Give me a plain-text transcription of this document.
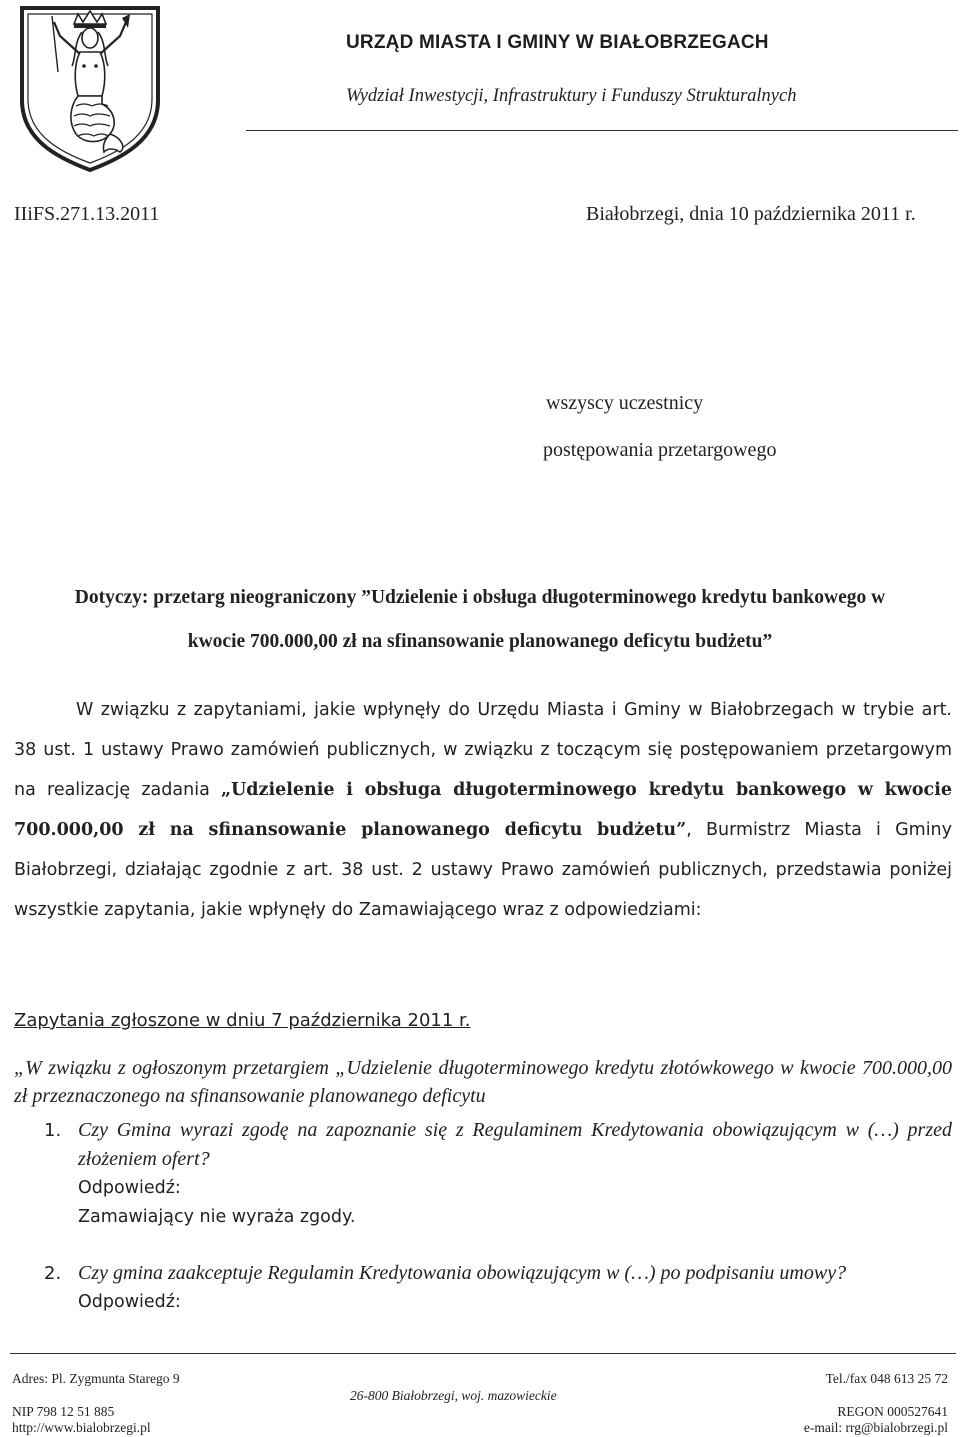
URZĄD MIASTA I GMINY W BIAŁOBRZEGACH
Wydział Inwestycji, Infrastruktury i Funduszy Strukturalnych
IIiFS.271.13.2011	Białobrzegi, dnia 10 października 2011 r.
wszyscy uczestnicy
postępowania przetargowego
Dotyczy: przetarg nieograniczony ”Udzielenie i obsługa długoterminowego kredytu bankowego w
kwocie 700.000,00 zł na sfinansowanie planowanego deficytu budżetu”
W związku z zapytaniami, jakie wpłynęły do Urzędu Miasta i Gminy w Białobrzegach w trybie art. 38 ust. 1 ustawy Prawo zamówień publicznych, w związku z toczącym się postępowaniem przetargowym na realizację zadania „Udzielenie i obsługa długoterminowego kredytu bankowego w kwocie 700.000,00 zł na sfinansowanie planowanego deficytu budżetu”, Burmistrz Miasta i Gminy Białobrzegi, działając zgodnie z art. 38 ust. 2 ustawy Prawo zamówień publicznych, przedstawia poniżej wszystkie zapytania, jakie wpłynęły do Zamawiającego wraz z odpowiedziami:
Zapytania zgłoszone w dniu 7 października 2011 r.
„W związku z ogłoszonym przetargiem „Udzielenie długoterminowego kredytu złotówkowego w kwocie 700.000,00 zł przeznaczonego na sfinansowanie planowanego deficytu
1. Czy Gmina wyrazi zgodę na zapoznanie się z Regulaminem Kredytowania obowiązującym w (…) przed złożeniem ofert?
Odpowiedź:
Zamawiający nie wyraża zgody.
2. Czy gmina zaakceptuje Regulamin Kredytowania obowiązującym w (…) po podpisaniu umowy?
Odpowiedź:
Adres: Pl. Zygmunta Starego 9
26-800 Białobrzegi, woj. mazowieckie
Tel./fax 048 613 25 72
NIP 798 12 51 885	REGON 000527641
http://www.bialobrzegi.pl	e-mail: rrg@bialobrzegi.pl
